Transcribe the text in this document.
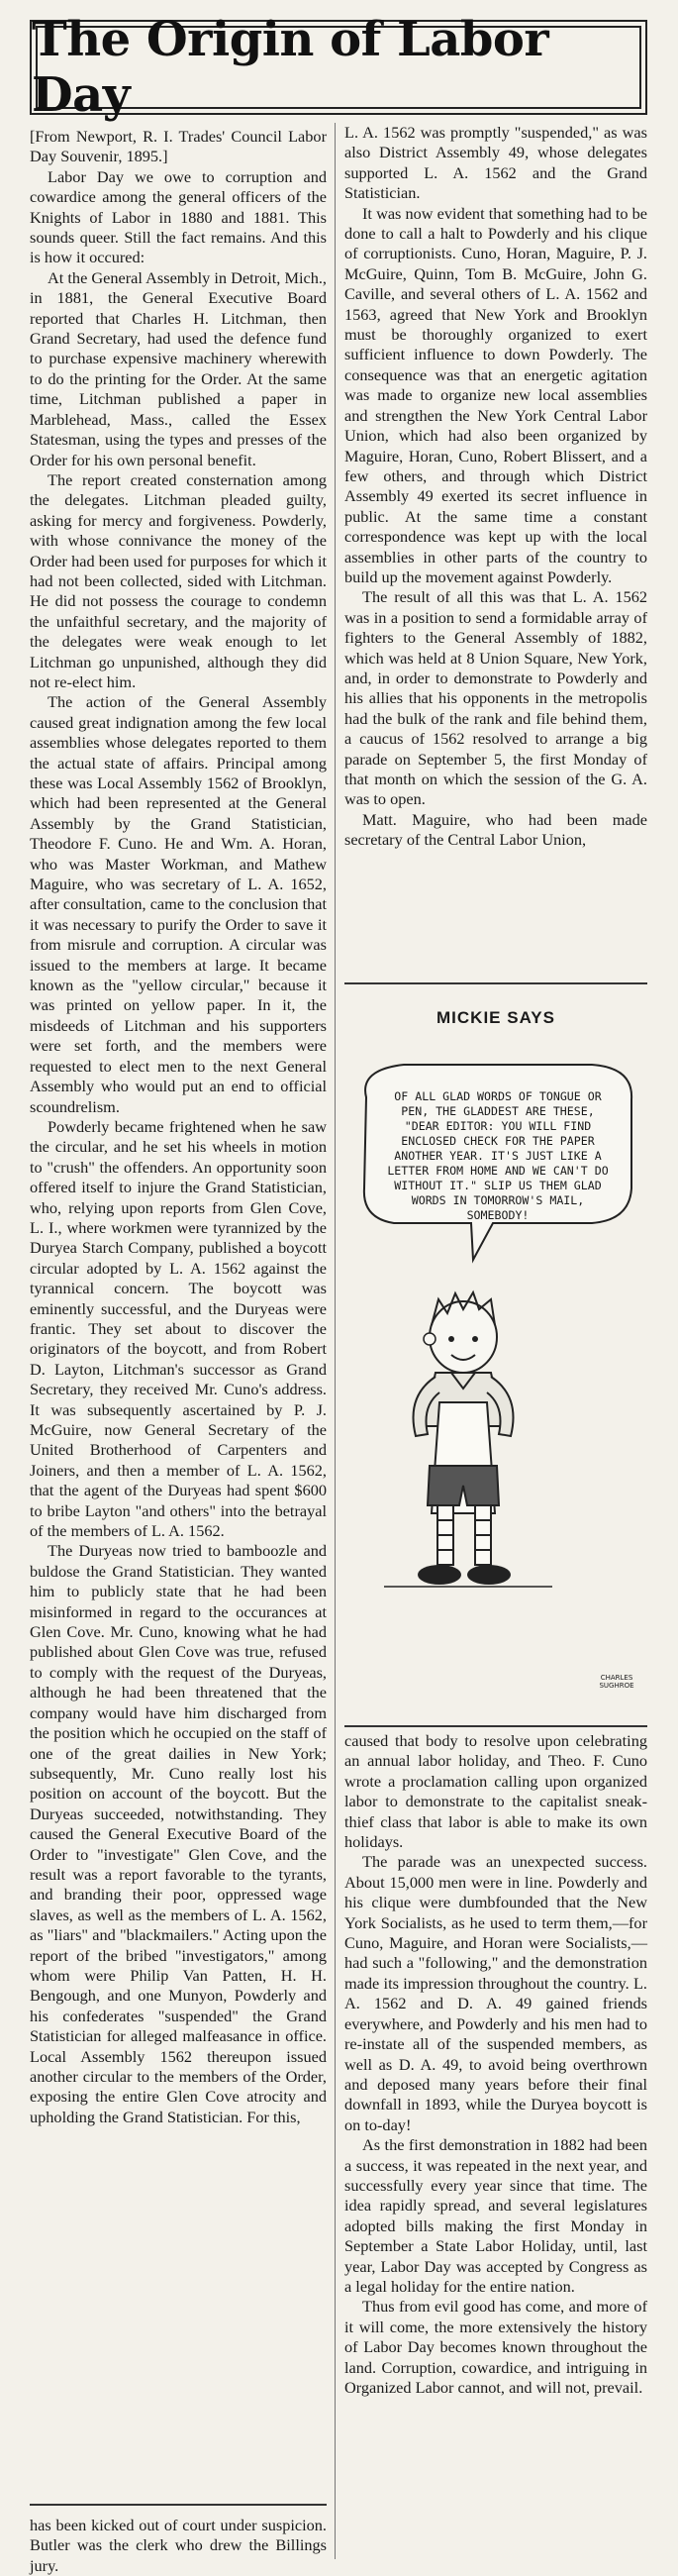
The Origin of Labor Day

[From Newport, R. I. Trades' Council Labor Day Souvenir, 1895.]

Labor Day we owe to corruption and cowardice among the general officers of the Knights of Labor in 1880 and 1881. This sounds queer. Still the fact remains. And this is how it occured:

At the General Assembly in Detroit, Mich., in 1881, the General Executive Board reported that Charles H. Litchman, then Grand Secretary, had used the defence fund to purchase expensive machinery wherewith to do the printing for the Order. At the same time, Litchman published a paper in Marblehead, Mass., called the Essex Statesman, using the types and presses of the Order for his own personal benefit.

The report created consternation among the delegates. Litchman pleaded guilty, asking for mercy and forgiveness. Powderly, with whose connivance the money of the Order had been used for purposes for which it had not been collected, sided with Litchman. He did not possess the courage to condemn the unfaithful secretary, and the majority of the delegates were weak enough to let Litchman go unpunished, although they did not re-elect him.

The action of the General Assembly caused great indignation among the few local assemblies whose delegates reported to them the actual state of affairs. Principal among these was Local Assembly 1562 of Brooklyn, which had been represented at the General Assembly by the Grand Statistician, Theodore F. Cuno. He and Wm. A. Horan, who was Master Workman, and Mathew Maguire, who was secretary of L. A. 1652, after consultation, came to the conclusion that it was necessary to purify the Order to save it from misrule and corruption. A circular was issued to the members at large. It became known as the "yellow circular," because it was printed on yellow paper. In it, the misdeeds of Litchman and his supporters were set forth, and the members were requested to elect men to the next General Assembly who would put an end to official scoundrelism.

Powderly became frightened when he saw the circular, and he set his wheels in motion to "crush" the offenders. An opportunity soon offered itself to injure the Grand Statistician, who, relying upon reports from Glen Cove, L. I., where workmen were tyrannized by the Duryea Starch Company, published a boycott circular adopted by L. A. 1562 against the tyrannical concern. The boycott was eminently successful, and the Duryeas were frantic. They set about to discover the originators of the boycott, and from Robert D. Layton, Litchman's successor as Grand Secretary, they received Mr. Cuno's address. It was subsequently ascertained by P. J. McGuire, now General Secretary of the United Brotherhood of Carpenters and Joiners, and then a member of L. A. 1562, that the agent of the Duryeas had spent $600 to bribe Layton "and others" into the betrayal of the members of L. A. 1562.

The Duryeas now tried to bamboozle and buldose the Grand Statistician. They wanted him to publicly state that he had been misinformed in regard to the occurances at Glen Cove. Mr. Cuno, knowing what he had published about Glen Cove was true, refused to comply with the request of the Duryeas, although he had been threatened that the company would have him discharged from the position which he occupied on the staff of one of the great dailies in New York; subsequently, Mr. Cuno really lost his position on account of the boycott. But the Duryeas succeeded, notwithstanding. They caused the General Executive Board of the Order to "investigate" Glen Cove, and the result was a report favorable to the tyrants, and branding their poor, oppressed wage slaves, as well as the members of L. A. 1562, as "liars" and "blackmailers." Acting upon the report of the bribed "investigators," among whom were Philip Van Patten, H. H. Bengough, and one Munyon, Powderly and his confederates "suspended" the Grand Statistician for alleged malfeasance in office. Local Assembly 1562 thereupon issued another circular to the members of the Order, exposing the entire Glen Cove atrocity and upholding the Grand Statistician. For this,

has been kicked out of court under suspicion. Butler was the clerk who drew the Billings jury.

L. A. 1562 was promptly "suspended," as was also District Assembly 49, whose delegates supported L. A. 1562 and the Grand Statistician.

It was now evident that something had to be done to call a halt to Powderly and his clique of corruptionists. Cuno, Horan, Maguire, P. J. McGuire, Quinn, Tom B. McGuire, John G. Caville, and several others of L. A. 1562 and 1563, agreed that New York and Brooklyn must be thoroughly organized to exert sufficient influence to down Powderly. The consequence was that an energetic agitation was made to organize new local assemblies and strengthen the New York Central Labor Union, which had also been organized by Maguire, Horan, Cuno, Robert Blissert, and a few others, and through which District Assembly 49 exerted its secret influence in public. At the same time a constant correspondence was kept up with the local assemblies in other parts of the country to build up the movement against Powderly.

The result of all this was that L. A. 1562 was in a position to send a formidable array of fighters to the General Assembly of 1882, which was held at 8 Union Square, New York, and, in order to demonstrate to Powderly and his allies that his opponents in the metropolis had the bulk of the rank and file behind them, a caucus of 1562 resolved to arrange a big parade on September 5, the first Monday of that month on which the session of the G. A. was to open.

Matt. Maguire, who had been made secretary of the Central Labor Union,

MICKIE SAYS
OF ALL GLAD WORDS OF TONGUE OR PEN, THE GLADDEST ARE THESE, "DEAR EDITOR: YOU WILL FIND ENCLOSED CHECK FOR THE PAPER ANOTHER YEAR. IT'S JUST LIKE A LETTER FROM HOME AND WE CAN'T DO WITHOUT IT." SLIP US THEM GLAD WORDS IN TOMORROW'S MAIL, SOMEBODY!
CHARLES SUGHROE

caused that body to resolve upon celebrating an annual labor holiday, and Theo. F. Cuno wrote a proclamation calling upon organized labor to demonstrate to the capitalist sneak-thief class that labor is able to make its own holidays.

The parade was an unexpected success. About 15,000 men were in line. Powderly and his clique were dumbfounded that the New York Socialists, as he used to term them,—for Cuno, Maguire, and Horan were Socialists,—had such a "following," and the demonstration made its impression throughout the country. L. A. 1562 and D. A. 49 gained friends everywhere, and Powderly and his men had to re-instate all of the suspended members, as well as D. A. 49, to avoid being overthrown and deposed many years before their final downfall in 1893, while the Duryea boycott is on to-day!

As the first demonstration in 1882 had been a success, it was repeated in the next year, and successfully every year since that time. The idea rapidly spread, and several legislatures adopted bills making the first Monday in September a State Labor Holiday, until, last year, Labor Day was accepted by Congress as a legal holiday for the entire nation.

Thus from evil good has come, and more of it will come, the more extensively the history of Labor Day becomes known throughout the land. Corruption, cowardice, and intriguing in Organized Labor cannot, and will not, prevail.
